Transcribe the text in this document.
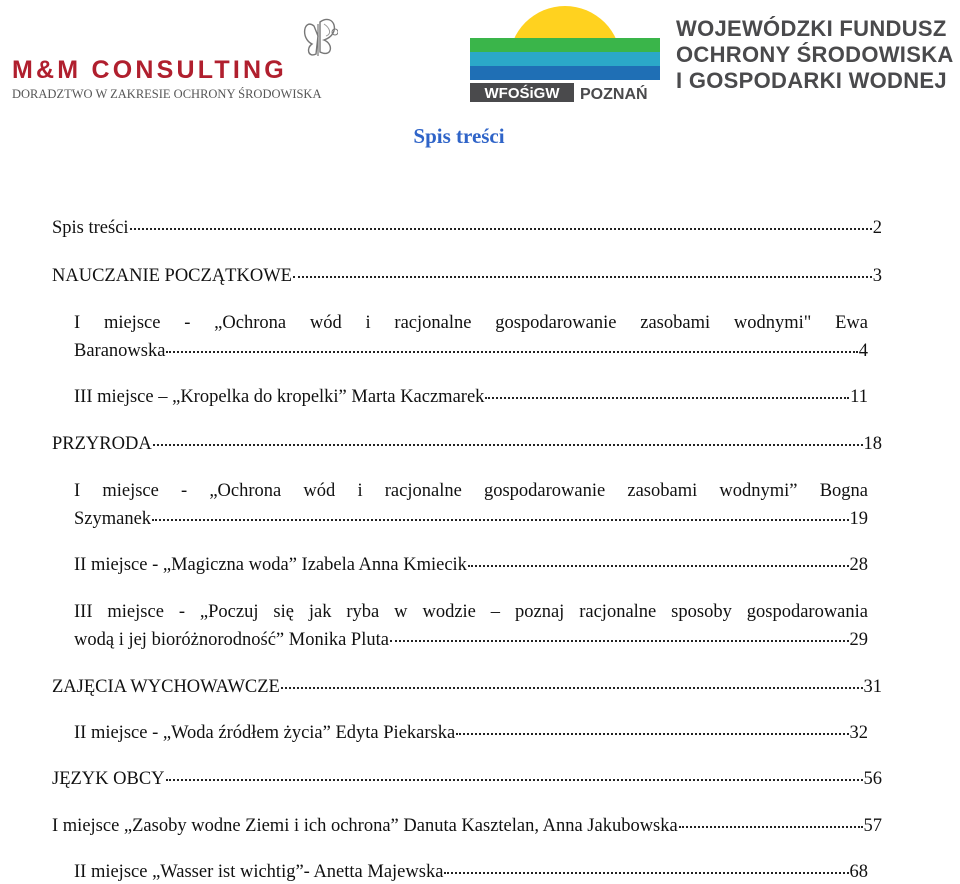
M&M CONSULTING
DORADZTWO W ZAKRESIE OCHRONY ŚRODOWISKA	WFOŚiGW POZNAŃ
WOJEWÓDZKI FUNDUSZ
OCHRONY ŚRODOWISKA
I GOSPODARKI WODNEJ
Spis treści
Spis treści	2
NAUCZANIE POCZĄTKOWE	3
I miejsce - „Ochrona wód i racjonalne gospodarowanie zasobami wodnymi" Ewa
Baranowska	4
III miejsce – „Kropelka do kropelki” Marta Kaczmarek	11
PRZYRODA	18
I miejsce - „Ochrona wód i racjonalne gospodarowanie zasobami wodnymi” Bogna
Szymanek	19
II miejsce - „Magiczna woda” Izabela Anna Kmiecik	28
III miejsce - „Poczuj się jak ryba w wodzie – poznaj racjonalne sposoby gospodarowania
wodą i jej bioróżnorodność” Monika Pluta	29
ZAJĘCIA WYCHOWAWCZE	31
II miejsce - „Woda źródłem życia” Edyta Piekarska	32
JĘZYK OBCY	56
I miejsce „Zasoby wodne Ziemi i ich ochrona” Danuta Kasztelan, Anna Jakubowska	57
II miejsce „Wasser ist wichtig”- Anetta Majewska	68
